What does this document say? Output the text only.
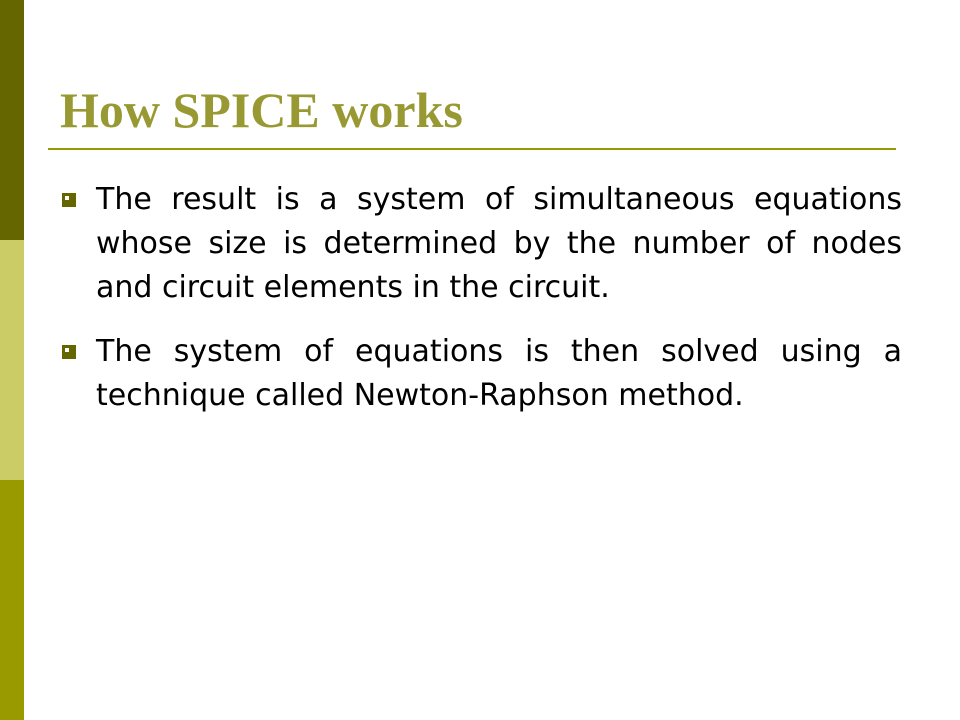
How SPICE works

The result is a system of simultaneous equations whose size is determined by the number of nodes and circuit elements in the circuit.

The system of equations is then solved using a technique called Newton-Raphson method.
